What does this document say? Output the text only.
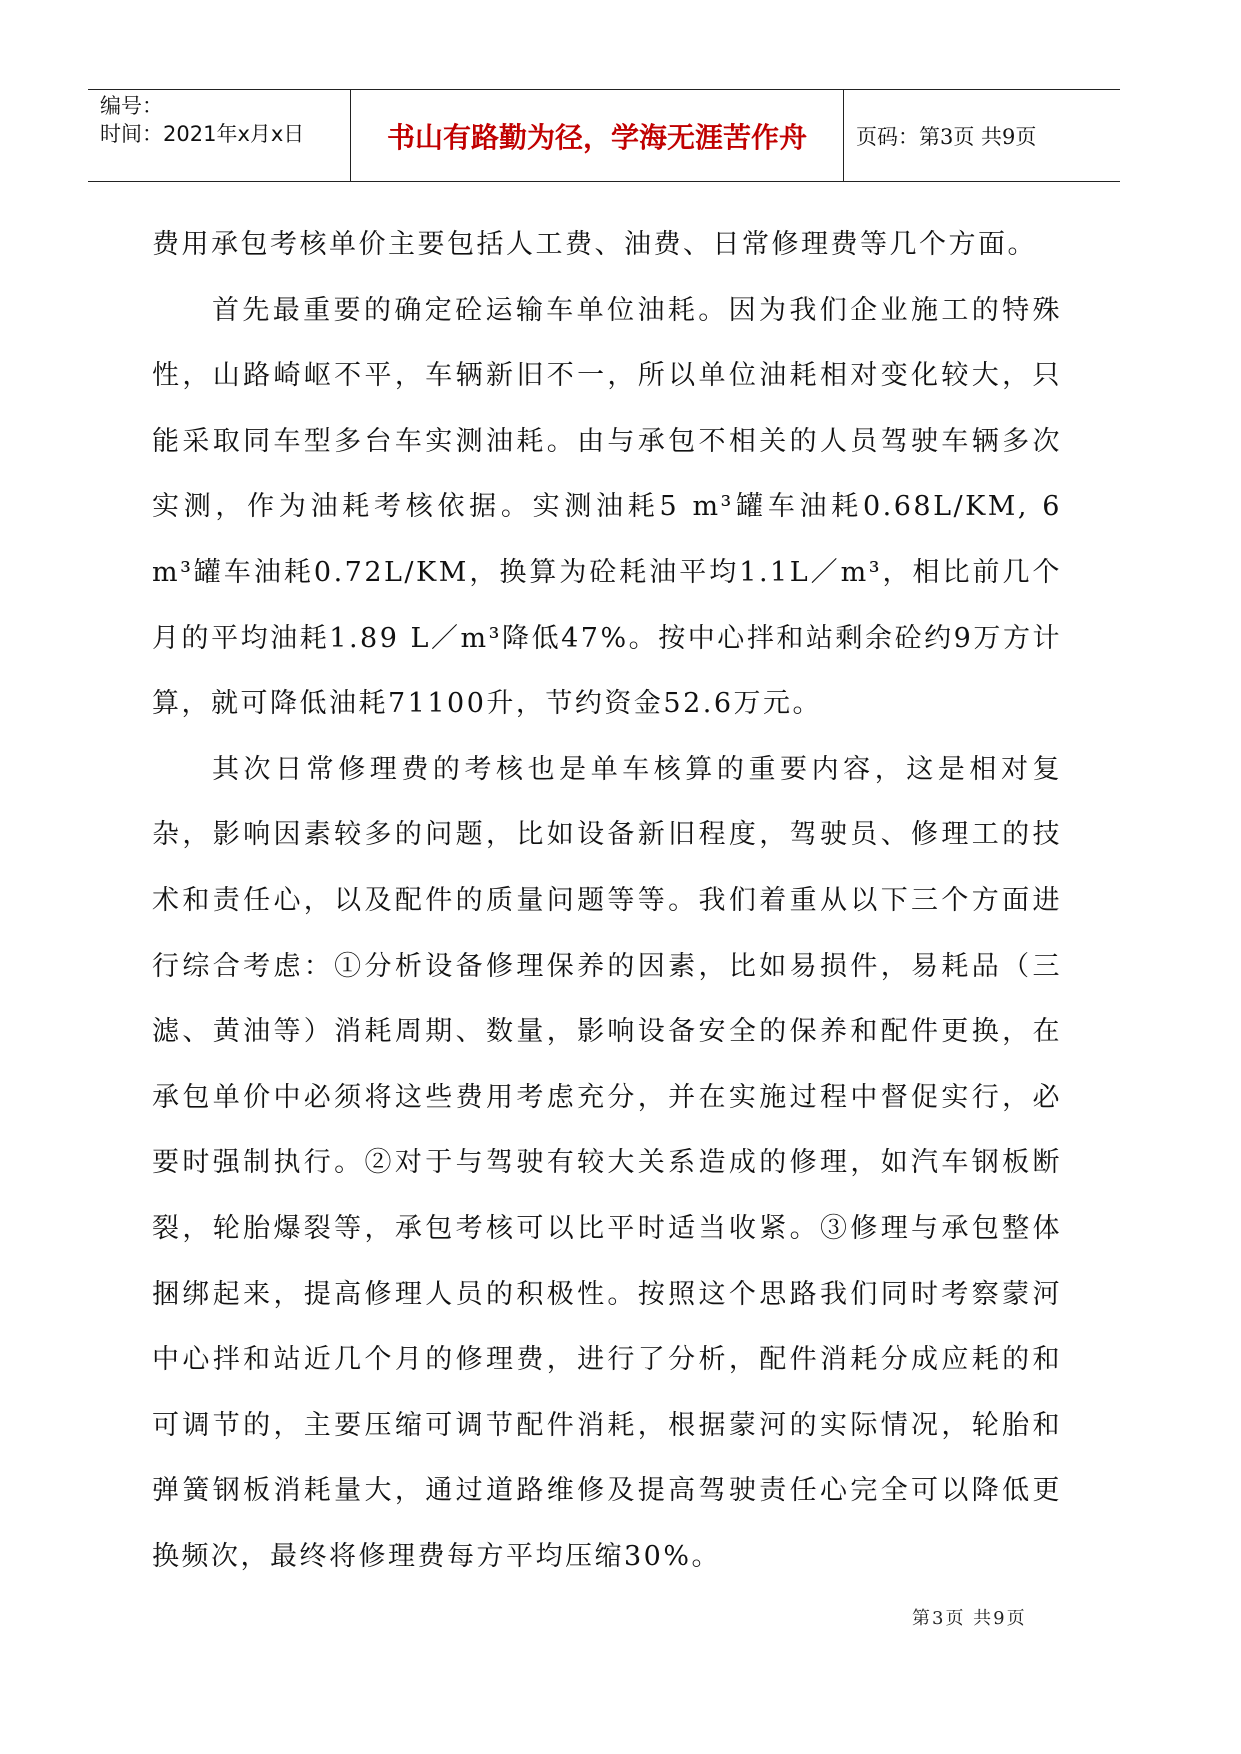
编号：
时间：2021年x月x日	书山有路勤为径，学海无涯苦作舟	页码：第3页 共9页

费用承包考核单价主要包括人工费、油费、日常修理费等几个方面。

首先最重要的确定砼运输车单位油耗。因为我们企业施工的特殊性，山路崎岖不平，车辆新旧不一，所以单位油耗相对变化较大，只能采取同车型多台车实测油耗。由与承包不相关的人员驾驶车辆多次实测，作为油耗考核依据。实测油耗5 m³罐车油耗0.68L/KM, 6 m³罐车油耗0.72L/KM，换算为砼耗油平均1.1L／m³，相比前几个月的平均油耗1.89 L／m³降低47%。按中心拌和站剩余砼约9万方计算，就可降低油耗71100升，节约资金52.6万元。

其次日常修理费的考核也是单车核算的重要内容，这是相对复杂，影响因素较多的问题，比如设备新旧程度，驾驶员、修理工的技术和责任心，以及配件的质量问题等等。我们着重从以下三个方面进行综合考虑：①分析设备修理保养的因素，比如易损件，易耗品（三滤、黄油等）消耗周期、数量，影响设备安全的保养和配件更换，在承包单价中必须将这些费用考虑充分，并在实施过程中督促实行，必要时强制执行。②对于与驾驶有较大关系造成的修理，如汽车钢板断裂，轮胎爆裂等，承包考核可以比平时适当收紧。③修理与承包整体捆绑起来，提高修理人员的积极性。按照这个思路我们同时考察蒙河中心拌和站近几个月的修理费，进行了分析，配件消耗分成应耗的和可调节的，主要压缩可调节配件消耗，根据蒙河的实际情况，轮胎和弹簧钢板消耗量大，通过道路维修及提高驾驶责任心完全可以降低更换频次，最终将修理费每方平均压缩30%。

第3页 共9页
